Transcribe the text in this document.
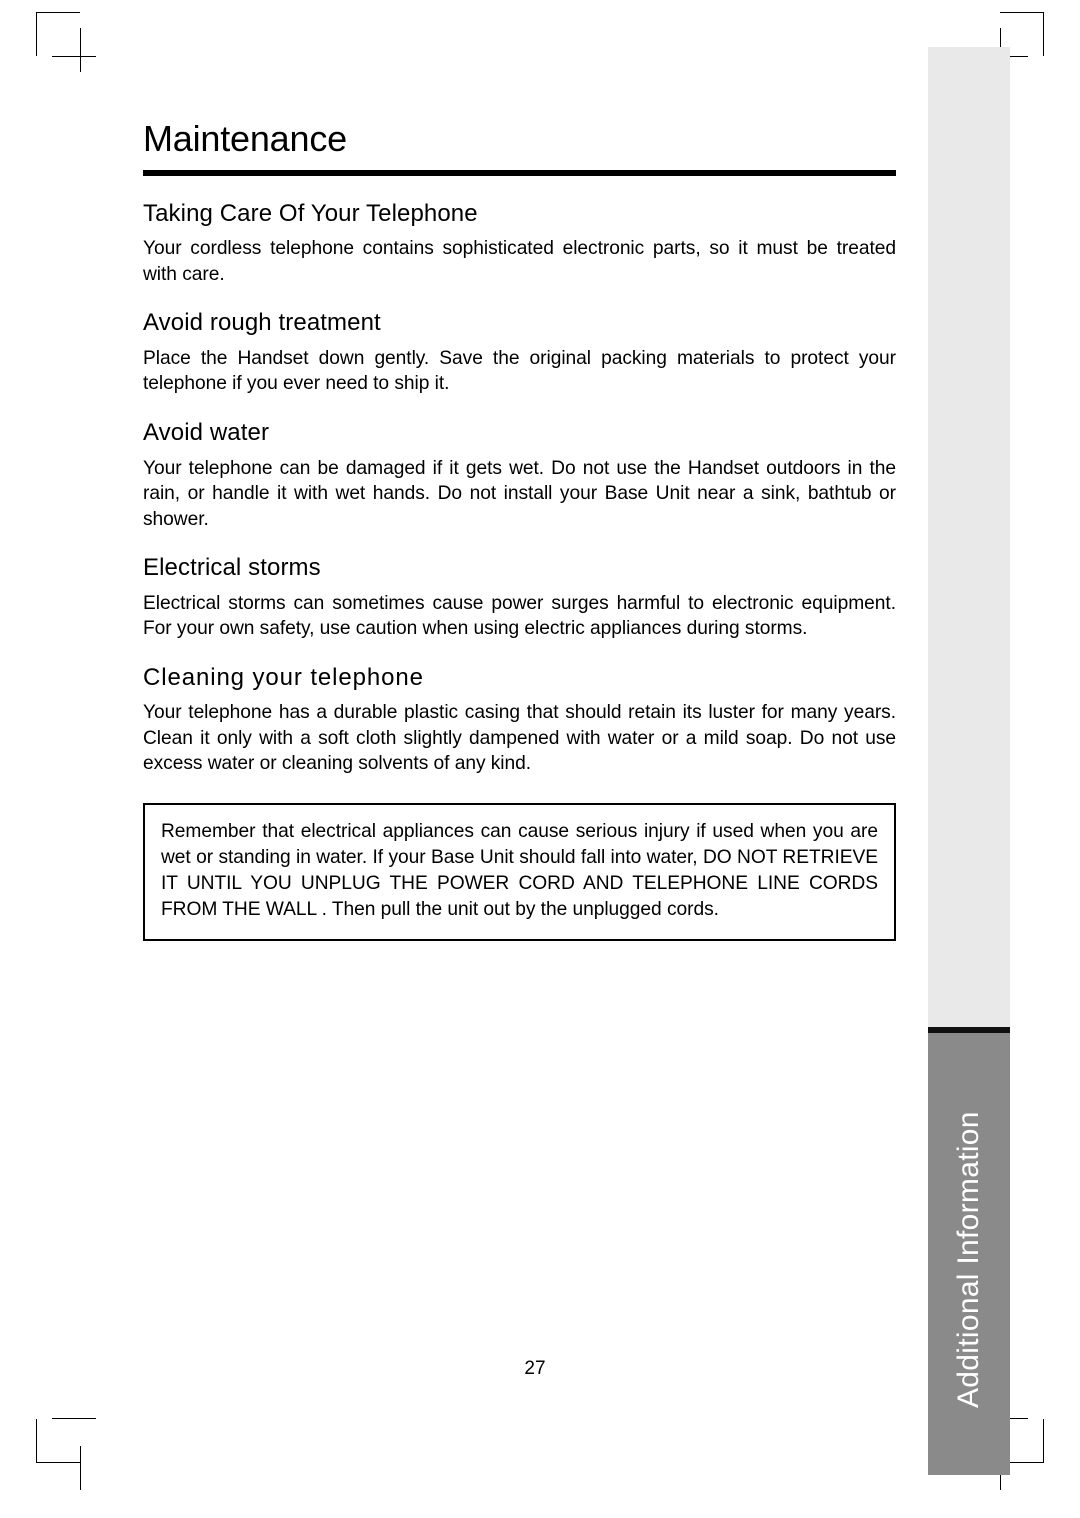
Additional Information
Maintenance
Taking Care Of Your Telephone

Your cordless telephone contains sophisticated electronic parts, so it must be treated with care.

Avoid rough treatment

Place the Handset down gently. Save the original packing materials to protect your telephone if you ever need to ship it.

Avoid water

Your telephone can be damaged if it gets wet. Do not use the Handset outdoors in the rain, or handle it with wet hands. Do not install your Base Unit near a sink, bathtub or shower.

Electrical storms

Electrical storms can sometimes cause power surges harmful to electronic equipment. For your own safety, use caution when using electric appliances during storms.

Cleaning your telephone

Your telephone has a durable plastic casing that should retain its luster for many years. Clean it only with a soft cloth slightly dampened with water or a mild soap. Do not use excess water or cleaning solvents of any kind.

Remember that electrical appliances can cause serious injury if used when you are wet or standing in water. If your Base Unit should fall into water, DO NOT RETRIEVE IT UNTIL YOU UNPLUG THE POWER CORD AND TELEPHONE LINE CORDS FROM THE WALL . Then pull the unit out by the unplugged cords.

27
